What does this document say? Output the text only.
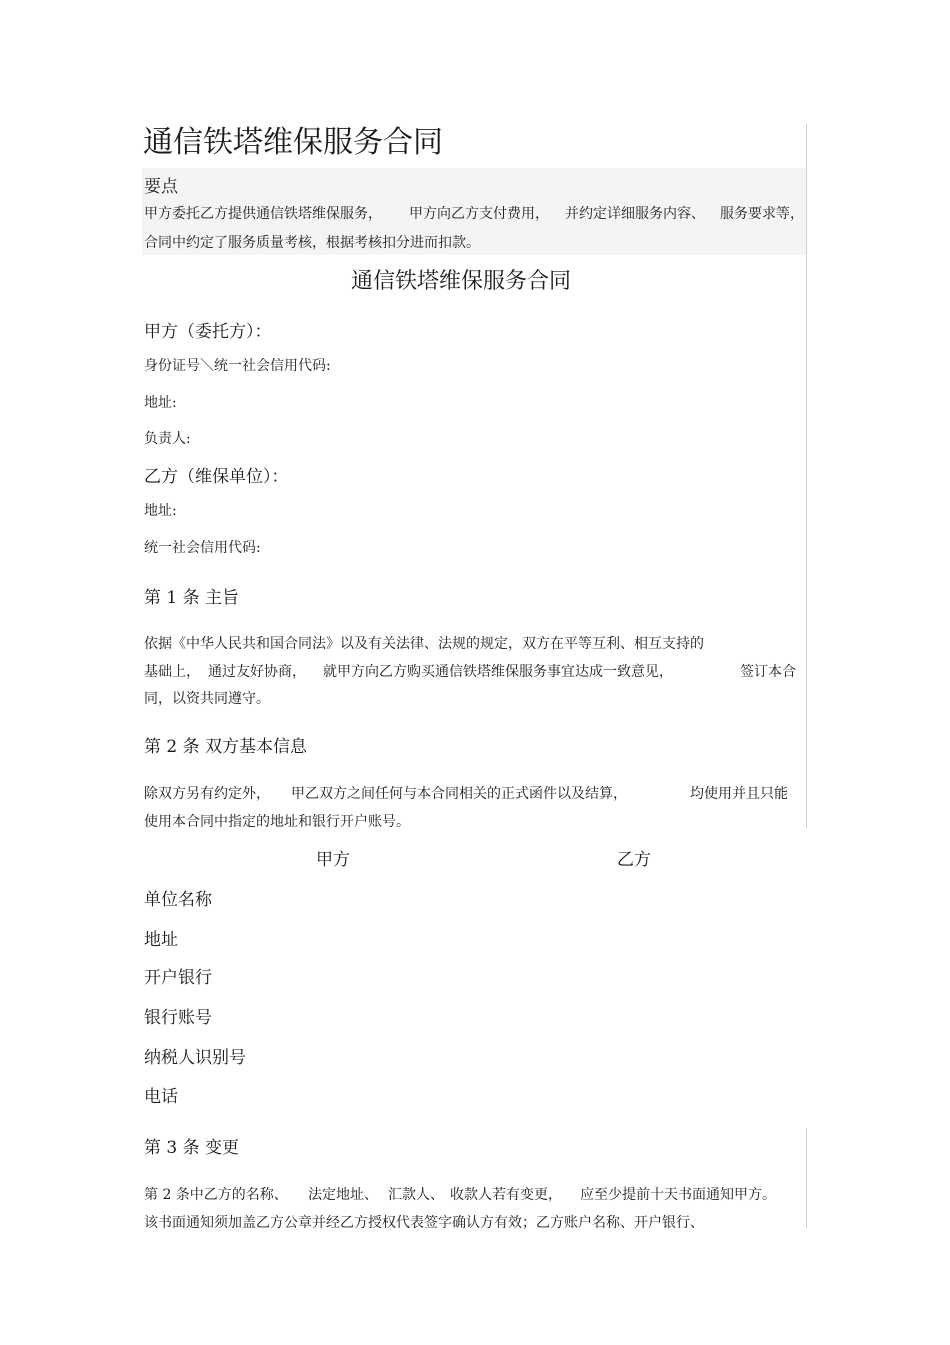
通信铁塔维保服务合同
要点
甲方委托乙方提供通信铁塔维保服务， 甲方向乙方支付费用， 并约定详细服务内容、 服务要求等，
合同中约定了服务质量考核，根据考核扣分进而扣款。
通信铁塔维保服务合同
甲方（委托方）：
身份证号＼统一社会信用代码:
地址:
负责人:
乙方（维保单位）：
地址:
统一社会信用代码:
第 1 条 主旨
依据《中华人民共和国合同法》以及有关法律、法规的规定，双方在平等互利、相互支持的
基础上， 通过友好协商， 就甲方向乙方购买通信铁塔维保服务事宜达成一致意见，	签订本合
同，以资共同遵守。
第 2 条 双方基本信息
除双方另有约定外， 甲乙双方之间任何与本合同相关的正式函件以及结算，	均使用并且只能
使用本合同中指定的地址和银行开户账号。
甲方	乙方
单位名称
地址
开户银行
银行账号
纳税人识别号
电话
第 3 条 变更
第 2 条中乙方的名称、 法定地址、 汇款人、 收款人若有变更， 应至少提前十天书面通知甲方。
该书面通知须加盖乙方公章并经乙方授权代表签字确认方有效；乙方账户名称、开户银行、
